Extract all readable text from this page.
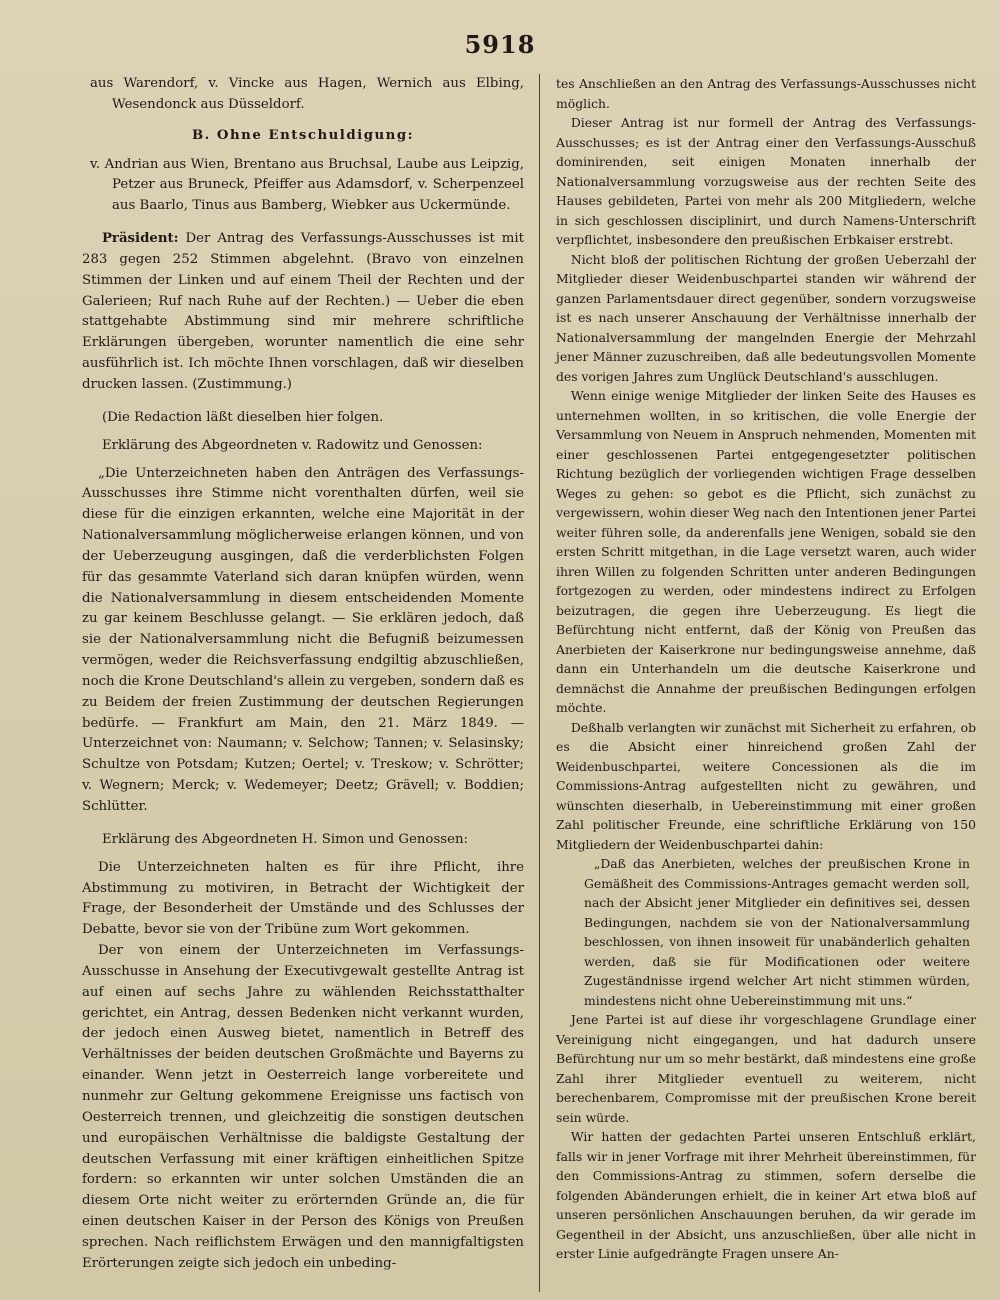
5918

aus Warendorf, v. Vincke aus Hagen, Wernich aus Elbing, Wesendonck aus Düsseldorf.

B. Ohne Entschuldigung:

v. Andrian aus Wien, Brentano aus Bruchsal, Laube aus Leipzig, Petzer aus Bruneck, Pfeiffer aus Adamsdorf, v. Scherpenzeel aus Baarlo, Tinus aus Bamberg, Wiebker aus Uckermünde.

Präsident: Der Antrag des Verfassungs-Ausschusses ist mit 283 gegen 252 Stimmen abgelehnt. (Bravo von einzelnen Stimmen der Linken und auf einem Theil der Rechten und der Galerieen; Ruf nach Ruhe auf der Rechten.) — Ueber die eben stattgehabte Abstimmung sind mir mehrere schriftliche Erklärungen übergeben, worunter namentlich die eine sehr ausführlich ist. Ich möchte Ihnen vorschlagen, daß wir dieselben drucken lassen. (Zustimmung.)

(Die Redaction läßt dieselben hier folgen.

Erklärung des Abgeordneten v. Radowitz und Genossen:

„Die Unterzeichneten haben den Anträgen des Verfassungs-Ausschusses ihre Stimme nicht vorenthalten dürfen, weil sie diese für die einzigen erkannten, welche eine Majorität in der Nationalversammlung möglicherweise erlangen können, und von der Ueberzeugung ausgingen, daß die verderblichsten Folgen für das gesammte Vaterland sich daran knüpfen würden, wenn die Nationalversammlung in diesem entscheidenden Momente zu gar keinem Beschlusse gelangt. — Sie erklären jedoch, daß sie der Nationalversammlung nicht die Befugniß beizumessen vermögen, weder die Reichsverfassung endgiltig abzuschließen, noch die Krone Deutschland's allein zu vergeben, sondern daß es zu Beidem der freien Zustimmung der deutschen Regierungen bedürfe. — Frankfurt am Main, den 21. März 1849. — Unterzeichnet von: Naumann; v. Selchow; Tannen; v. Selasinsky; Schultze von Potsdam; Kutzen; Oertel; v. Treskow; v. Schrötter; v. Wegnern; Merck; v. Wedemeyer; Deetz; Grävell; v. Boddien; Schlütter.

Erklärung des Abgeordneten H. Simon und Genossen:

Die Unterzeichneten halten es für ihre Pflicht, ihre Abstimmung zu motiviren, in Betracht der Wichtigkeit der Frage, der Besonderheit der Umstände und des Schlusses der Debatte, bevor sie von der Tribüne zum Wort gekommen.

Der von einem der Unterzeichneten im Verfassungs-Ausschusse in Ansehung der Executivgewalt gestellte Antrag ist auf einen auf sechs Jahre zu wählenden Reichsstatthalter gerichtet, ein Antrag, dessen Bedenken nicht verkannt wurden, der jedoch einen Ausweg bietet, namentlich in Betreff des Verhältnisses der beiden deutschen Großmächte und Bayerns zu einander. Wenn jetzt in Oesterreich lange vorbereitete und nunmehr zur Geltung gekommene Ereignisse uns factisch von Oesterreich trennen, und gleichzeitig die sonstigen deutschen und europäischen Verhältnisse die baldigste Gestaltung der deutschen Verfassung mit einer kräftigen einheitlichen Spitze fordern: so erkannten wir unter solchen Umständen die an diesem Orte nicht weiter zu erörternden Gründe an, die für einen deutschen Kaiser in der Person des Königs von Preußen sprechen. Nach reiflichstem Erwägen und den mannigfaltigsten Erörterungen zeigte sich jedoch ein unbeding-

tes Anschließen an den Antrag des Verfassungs-Ausschusses nicht möglich.

Dieser Antrag ist nur formell der Antrag des Verfassungs-Ausschusses; es ist der Antrag einer den Verfassungs-Ausschuß dominirenden, seit einigen Monaten innerhalb der Nationalversammlung vorzugsweise aus der rechten Seite des Hauses gebildeten, Partei von mehr als 200 Mitgliedern, welche in sich geschlossen disciplinirt, und durch Namens-Unterschrift verpflichtet, insbesondere den preußischen Erbkaiser erstrebt.

Nicht bloß der politischen Richtung der großen Ueberzahl der Mitglieder dieser Weidenbuschpartei standen wir während der ganzen Parlamentsdauer direct gegenüber, sondern vorzugsweise ist es nach unserer Anschauung der Verhältnisse innerhalb der Nationalversammlung der mangelnden Energie der Mehrzahl jener Männer zuzuschreiben, daß alle bedeutungsvollen Momente des vorigen Jahres zum Unglück Deutschland's ausschlugen.

Wenn einige wenige Mitglieder der linken Seite des Hauses es unternehmen wollten, in so kritischen, die volle Energie der Versammlung von Neuem in Anspruch nehmenden, Momenten mit einer geschlossenen Partei entgegengesetzter politischen Richtung bezüglich der vorliegenden wichtigen Frage desselben Weges zu gehen: so gebot es die Pflicht, sich zunächst zu vergewissern, wohin dieser Weg nach den Intentionen jener Partei weiter führen solle, da anderenfalls jene Wenigen, sobald sie den ersten Schritt mitgethan, in die Lage versetzt waren, auch wider ihren Willen zu folgenden Schritten unter anderen Bedingungen fortgezogen zu werden, oder mindestens indirect zu Erfolgen beizutragen, die gegen ihre Ueberzeugung. Es liegt die Befürchtung nicht entfernt, daß der König von Preußen das Anerbieten der Kaiserkrone nur bedingungsweise annehme, daß dann ein Unterhandeln um die deutsche Kaiserkrone und demnächst die Annahme der preußischen Bedingungen erfolgen möchte.

Deßhalb verlangten wir zunächst mit Sicherheit zu erfahren, ob es die Absicht einer hinreichend großen Zahl der Weidenbuschpartei, weitere Concessionen als die im Commissions-Antrag aufgestellten nicht zu gewähren, und wünschten dieserhalb, in Uebereinstimmung mit einer großen Zahl politischer Freunde, eine schriftliche Erklärung von 150 Mitgliedern der Weidenbuschpartei dahin:

„Daß das Anerbieten, welches der preußischen Krone in Gemäßheit des Commissions-Antrages gemacht werden soll, nach der Absicht jener Mitglieder ein definitives sei, dessen Bedingungen, nachdem sie von der Nationalversammlung beschlossen, von ihnen insoweit für unabänderlich gehalten werden, daß sie für Modificationen oder weitere Zugeständnisse irgend welcher Art nicht stimmen würden, mindestens nicht ohne Uebereinstimmung mit uns.“

Jene Partei ist auf diese ihr vorgeschlagene Grundlage einer Vereinigung nicht eingegangen, und hat dadurch unsere Befürchtung nur um so mehr bestärkt, daß mindestens eine große Zahl ihrer Mitglieder eventuell zu weiterem, nicht berechenbarem, Compromisse mit der preußischen Krone bereit sein würde.

Wir hatten der gedachten Partei unseren Entschluß erklärt, falls wir in jener Vorfrage mit ihrer Mehrheit übereinstimmen, für den Commissions-Antrag zu stimmen, sofern derselbe die folgenden Abänderungen erhielt, die in keiner Art etwa bloß auf unseren persönlichen Anschauungen beruhen, da wir gerade im Gegentheil in der Absicht, uns anzuschließen, über alle nicht in erster Linie aufgedrängte Fragen unsere An-
